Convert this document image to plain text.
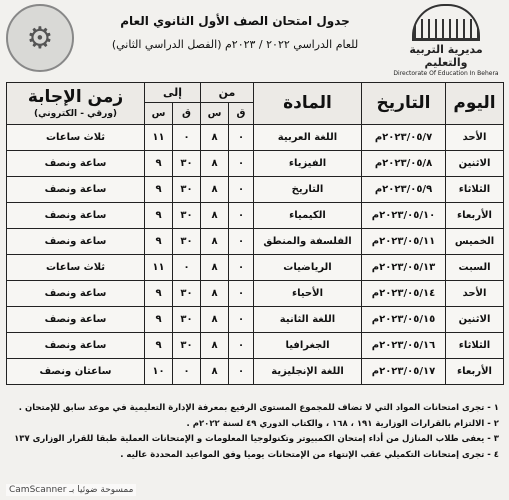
⚙	جدول امتحان الصف الأول الثانوي العام
للعام الدراسي ٢٠٢٢ / ٢٠٢٣م (الفصل الدراسي الثاني)	مديرية التربية والتعليم
Directorate Of Education In Behera
اليوم	التاريخ	المادة	من		إلى		زمن الإجابة
(ورقي - الكتروني)

			ق	س	ق	س	
الأحد	٢٠٢٣/٠٥/٧م	اللغة العربية	٠	٨	٠	١١	ثلاث ساعات
الاثنين	٢٠٢٣/٠٥/٨م	الفيزياء	٠	٨	٣٠	٩	ساعة ونصف
الثلاثاء	٢٠٢٣/٠٥/٩م	التاريخ	٠	٨	٣٠	٩	ساعة ونصف
الأربعاء	٢٠٢٣/٠٥/١٠م	الكيمياء	٠	٨	٣٠	٩	ساعة ونصف
الخميس	٢٠٢٣/٠٥/١١م	الفلسفة والمنطق	٠	٨	٣٠	٩	ساعة ونصف
السبت	٢٠٢٣/٠٥/١٣م	الرياضيات	٠	٨	٠	١١	ثلاث ساعات
الأحد	٢٠٢٣/٠٥/١٤م	الأحياء	٠	٨	٣٠	٩	ساعة ونصف
الاثنين	٢٠٢٣/٠٥/١٥م	اللغة الثانية	٠	٨	٣٠	٩	ساعة ونصف
الثلاثاء	٢٠٢٣/٠٥/١٦م	الجغرافيا	٠	٨	٣٠	٩	ساعة ونصف
الأربعاء	٢٠٢٣/٠٥/١٧م	اللغة الإنجليزية	٠	٨	٠	١٠	ساعتان ونصف
١ - تجرى امتحانات المواد التي لا تضاف للمجموع المستوى الرفيع بمعرفة الإدارة التعليمية في موعد سابق للإمتحان .
٢ - الالتزام بالقرارات الوزارية ١٩١ ، ١٦٨ ، والكتاب الدوري ٤٩ لسنة ٢٠٢٢م .
٣ - يعفى طلاب المنازل من أداء إمتحان الكمبيوتر وتكنولوجيا المعلومات و الإمتحانات العملية طبقا للقرار الوزارى ١٣٧
٤ - تجرى إمتحانات التكميلي عقب الإنتهاء من الإمتحانات يوميا وفق المواعيد المحددة عاليه .
CamScanner ممسوحة ضوئيا بـ
